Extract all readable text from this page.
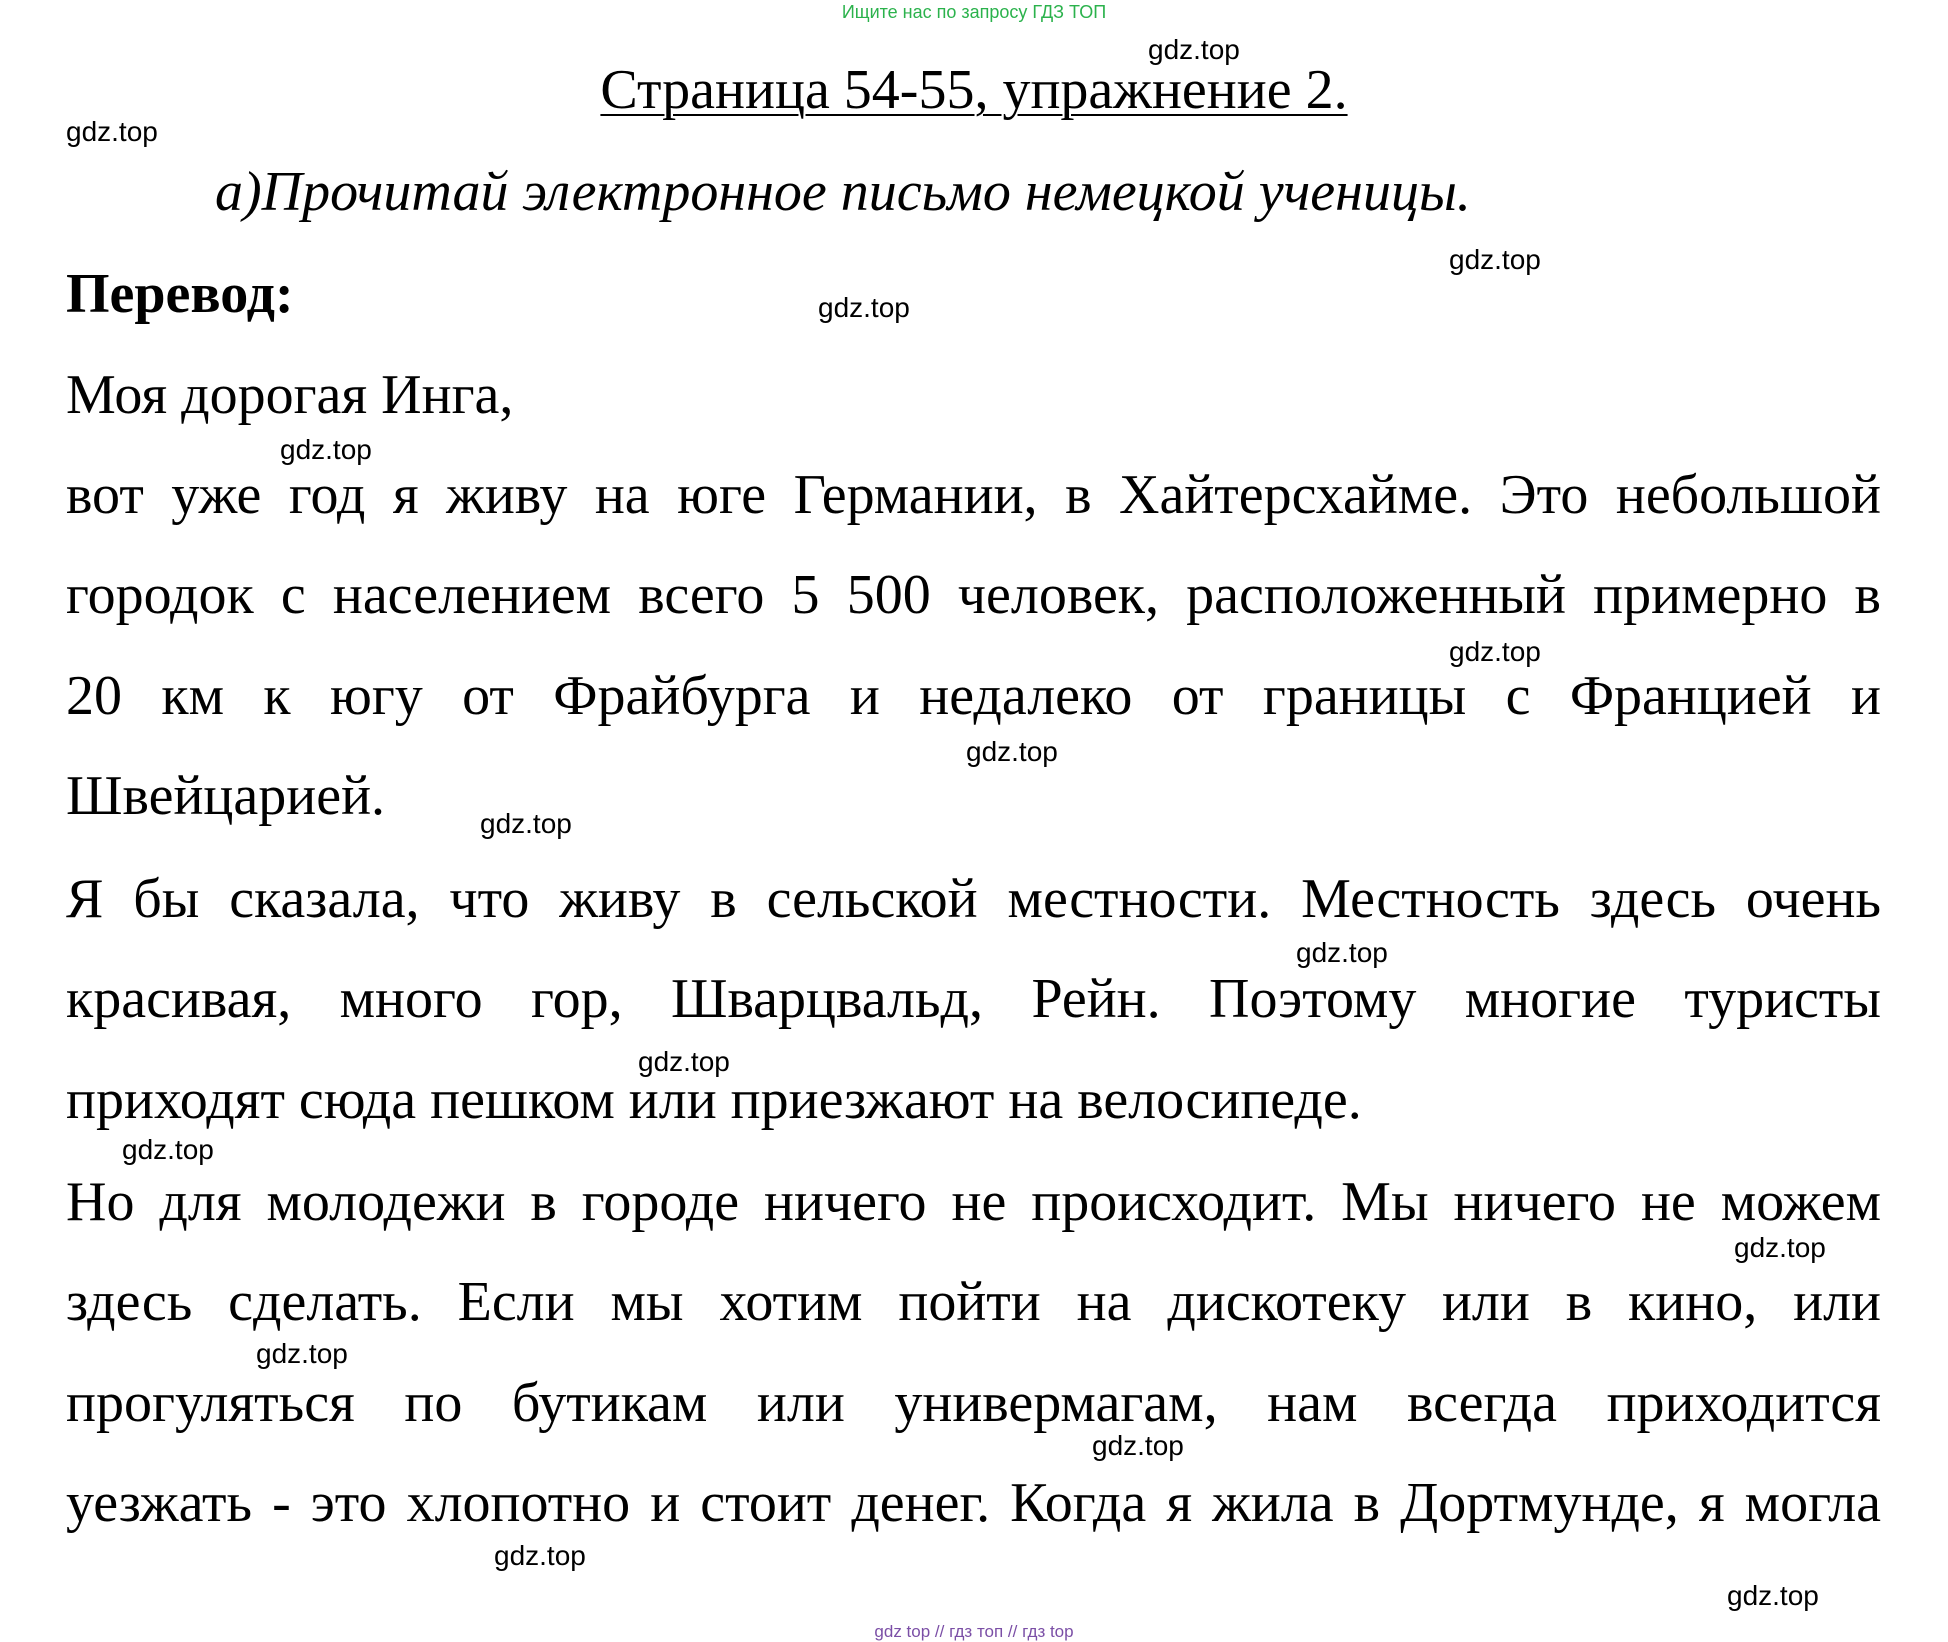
Ищите нас по запросу ГДЗ ТОП
Страница 54-55, упражнение 2.
а)Прочитай электронное письмо немецкой ученицы.
Перевод:
Моя дорогая Инга,
вот уже год я живу на юге Германии, в Хайтерсхайме. Это небольшой
городок с населением всего 5 500 человек, расположенный примерно в
20 км к югу от Фрайбурга и недалеко от границы с Францией и
Швейцарией.
Я бы сказала, что живу в сельской местности. Местность здесь очень
красивая, много гор, Шварцвальд, Рейн. Поэтому многие туристы
приходят сюда пешком или приезжают на велосипеде.
Но для молодежи в городе ничего не происходит. Мы ничего не можем
здесь сделать. Если мы хотим пойти на дискотеку или в кино, или
прогуляться по бутикам или универмагам, нам всегда приходится
уезжать - это хлопотно и стоит денег. Когда я жила в Дортмунде, я могла
gdz.top
gdz.top
gdz.top
gdz.top
gdz.top
gdz.top
gdz.top
gdz.top
gdz.top
gdz.top
gdz.top
gdz.top
gdz.top
gdz.top
gdz.top
gdz.top
gdz top // гдз топ // гдз top
